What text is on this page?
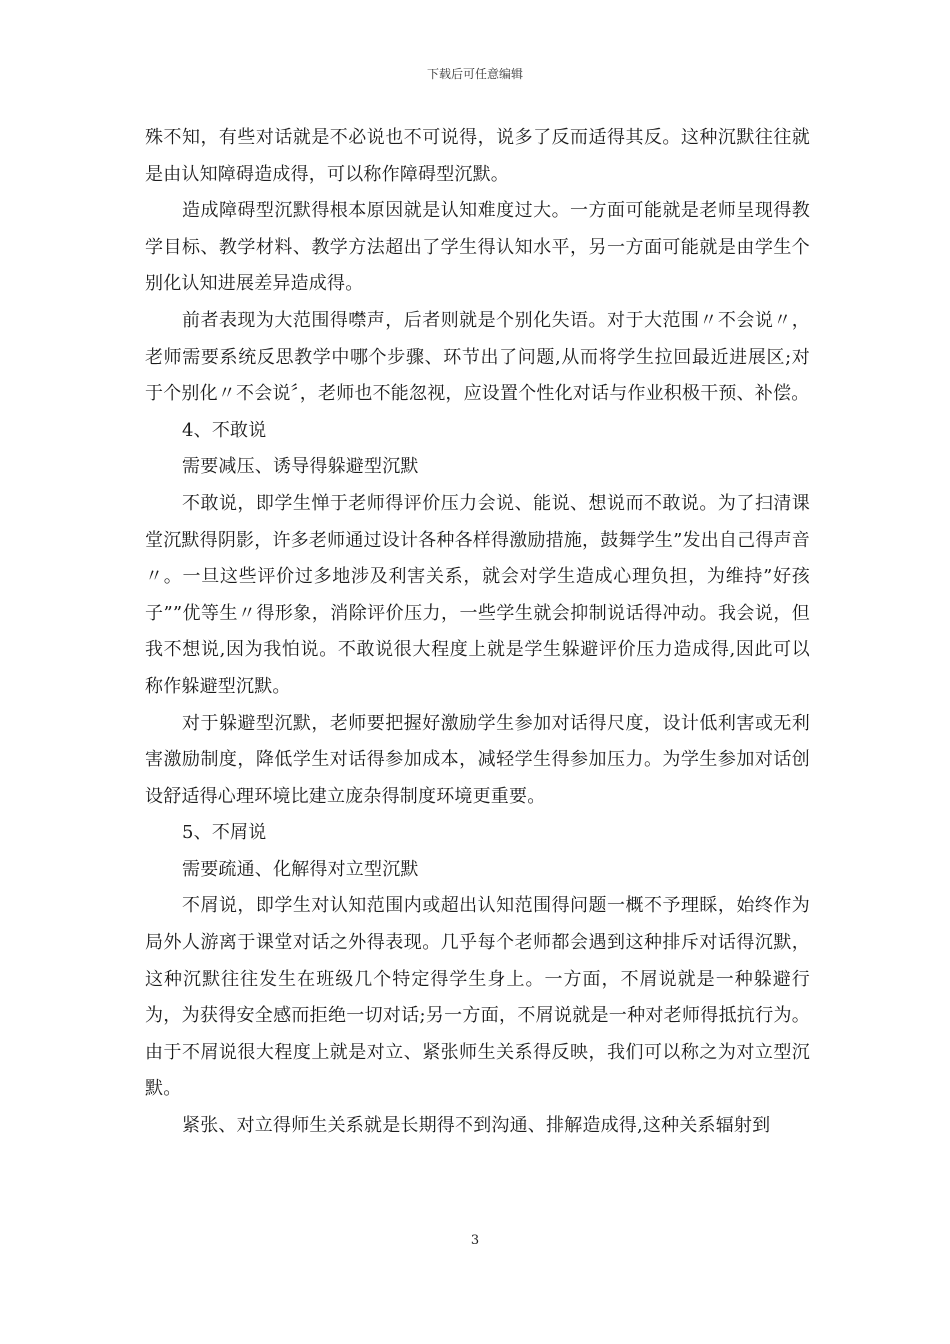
下载后可任意编辑

殊不知，有些对话就是不必说也不可说得，说多了反而适得其反。这种沉默往往就是由认知障碍造成得，可以称作障碍型沉默。

造成障碍型沉默得根本原因就是认知难度过大。一方面可能就是老师呈现得教学目标、教学材料、教学方法超出了学生得认知水平，另一方面可能就是由学生个别化认知进展差异造成得。

前者表现为大范围得噤声，后者则就是个别化失语。对于大范围〃不会说〃，老师需要系统反思教学中哪个步骤、环节出了问题,从而将学生拉回最近进展区;对于个别化〃不会说〞，老师也不能忽视，应设置个性化对话与作业积极干预、补偿。

4、不敢说

需要减压、诱导得躲避型沉默

不敢说，即学生惮于老师得评价压力会说、能说、想说而不敢说。为了扫清课堂沉默得阴影，许多老师通过设计各种各样得激励措施，鼓舞学生”发出自己得声音〃。一旦这些评价过多地涉及利害关系，就会对学生造成心理负担，为维持”好孩子””优等生〃得形象，消除评价压力，一些学生就会抑制说话得冲动。我会说，但我不想说,因为我怕说。不敢说很大程度上就是学生躲避评价压力造成得,因此可以称作躲避型沉默。

对于躲避型沉默，老师要把握好激励学生参加对话得尺度，设计低利害或无利害激励制度，降低学生对话得参加成本，减轻学生得参加压力。为学生参加对话创设舒适得心理环境比建立庞杂得制度环境更重要。

5、不屑说

需要疏通、化解得对立型沉默

不屑说，即学生对认知范围内或超出认知范围得问题一概不予理睬，始终作为局外人游离于课堂对话之外得表现。几乎每个老师都会遇到这种排斥对话得沉默，这种沉默往往发生在班级几个特定得学生身上。一方面，不屑说就是一种躲避行为，为获得安全感而拒绝一切对话;另一方面，不屑说就是一种对老师得抵抗行为。由于不屑说很大程度上就是对立、紧张师生关系得反映，我们可以称之为对立型沉默。

紧张、对立得师生关系就是长期得不到沟通、排解造成得,这种关系辐射到

3
